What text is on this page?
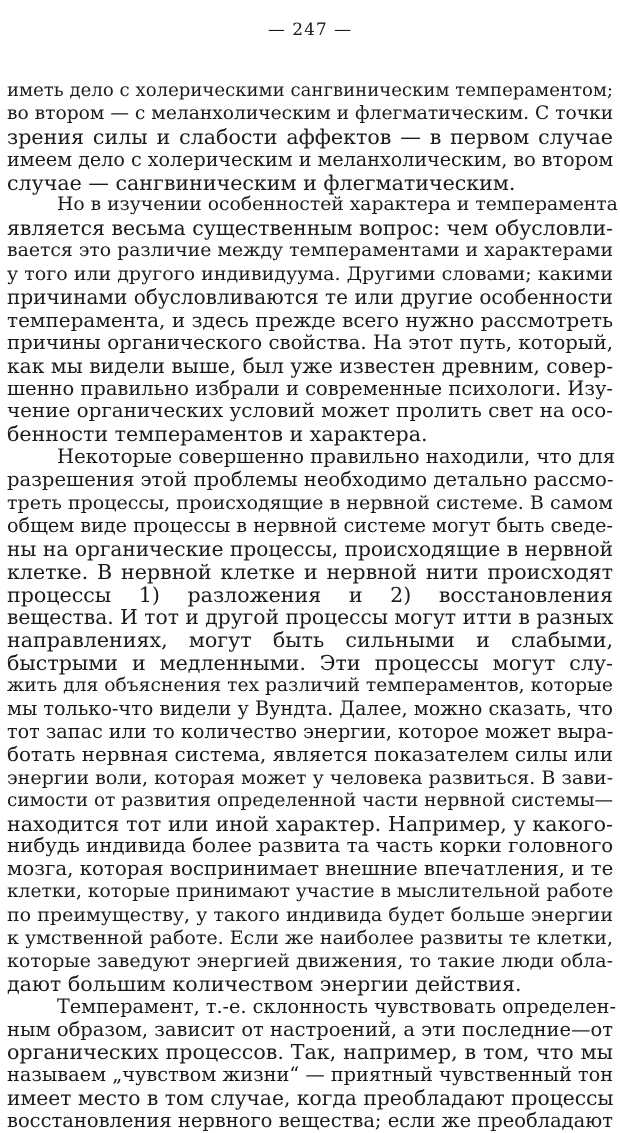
— 247 —
иметь дело с холерическими сангвиническим темпераментом;
во втором — с меланхолическим и флегматическим. С точки
зрения силы и слабости аффектов — в первом случае
имеем дело с холерическим и меланхолическим, во втором
случае — сангвиническим и флегматическим.
Но в изучении особенностей характера и темперамента
является весьма существенным вопрос: чем обусловли-
вается это различие между темпераментами и характерами
у того или другого индивидуума. Другими словами; какими
причинами обусловливаются те или другие особенности
темперамента, и здесь прежде всего нужно рассмотреть
причины органического свойства. На этот путь, который,
как мы видели выше, был уже известен древним, совер-
шенно правильно избрали и современные психологи. Изу-
чение органических условий может пролить свет на осо-
бенности темпераментов и характера.
Некоторые совершенно правильно находили, что для
разрешения этой проблемы необходимо детально рассмо-
треть процессы, происходящие в нервной системе. В самом
общем виде процессы в нервной системе могут быть сведе-
ны на органические процессы, происходящие в нервной
клетке. В нервной клетке и нервной нити происходят
процессы 1) разложения и 2) восстановления
вещества. И тот и другой процессы могут итти в разных
направлениях, могут быть сильными и слабыми,
быстрыми и медленными. Эти процессы могут слу-
жить для объяснения тех различий темпераментов, которые
мы только-что видели у Вундта. Далее, можно сказать, что
тот запас или то количество энергии, которое может выра-
ботать нервная система, является показателем силы или
энергии воли, которая может у человека развиться. В зави-
симости от развития определенной части нервной системы—
находится тот или иной характер. Например, у какого-
нибудь индивида более развита та часть корки головного
мозга, которая воспринимает внешние впечатления, и те
клетки, которые принимают участие в мыслительной работе
по преимуществу, у такого индивида будет больше энергии
к умственной работе. Если же наиболее развиты те клетки,
которые заведуют энергией движения, то такие люди обла-
дают большим количеством энергии действия.
Темперамент, т.-е. склонность чувствовать определен-
ным образом, зависит от настроений, а эти последние—от
органических процессов. Так, например, в том, что мы
называем „чувством жизни“ — приятный чувственный тон
имеет место в том случае, когда преобладают процессы
восстановления нервного вещества; если же преобладают
